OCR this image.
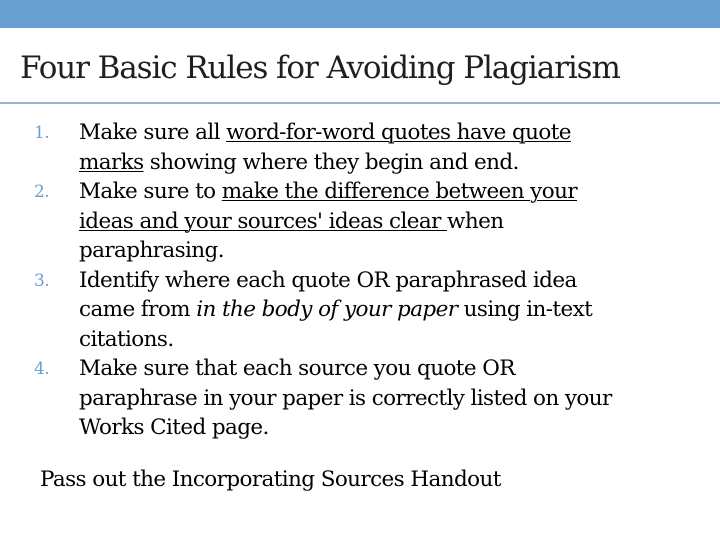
Four Basic Rules for Avoiding Plagiarism
1.	Make sure all word-for-word quotes have quote marks showing where they begin and end.
2.	Make sure to make the difference between your ideas and your sources' ideas clear when paraphrasing.
3.	Identify where each quote OR paraphrased idea came from in the body of your paper using in-text citations.
4.	Make sure that each source you quote OR paraphrase in your paper is correctly listed on your Works Cited page.
Pass out the Incorporating Sources Handout
